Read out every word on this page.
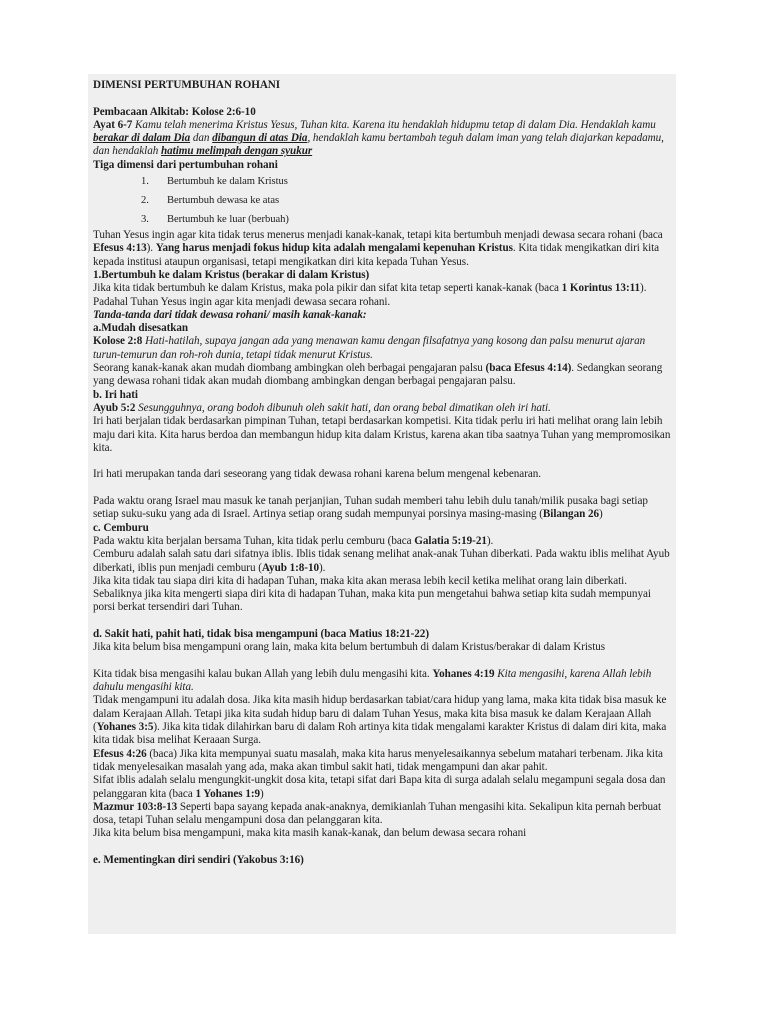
DIMENSI PERTUMBUHAN ROHANI

Pembacaan Alkitab: Kolose 2:6-10

Ayat 6-7 Kamu telah menerima Kristus Yesus, Tuhan kita. Karena itu hendaklah hidupmu tetap di dalam Dia. Hendaklah kamu berakar di dalam Dia dan dibangun di atas Dia, hendaklah kamu bertambah teguh dalam iman yang telah diajarkan kepadamu, dan hendaklah hatimu melimpah dengan syukur

Tiga dimensi dari pertumbuhan rohani

1.	Bertumbuh ke dalam Kristus
2.	Bertumbuh dewasa ke atas
3.	Bertumbuh ke luar (berbuah)

Tuhan Yesus ingin agar kita tidak terus menerus menjadi kanak-kanak, tetapi kita bertumbuh menjadi dewasa secara rohani (baca Efesus 4:13). Yang harus menjadi fokus hidup kita adalah mengalami kepenuhan Kristus. Kita tidak mengikatkan diri kita kepada institusi ataupun organisasi, tetapi mengikatkan diri kita kepada Tuhan Yesus.

1.Bertumbuh ke dalam Kristus (berakar di dalam Kristus)

Jika kita tidak bertumbuh ke dalam Kristus, maka pola pikir dan sifat kita tetap seperti kanak-kanak (baca 1 Korintus 13:11). Padahal Tuhan Yesus ingin agar kita menjadi dewasa secara rohani.

Tanda-tanda dari tidak dewasa rohani/ masih kanak-kanak:

a.Mudah disesatkan

Kolose 2:8 Hati-hatilah, supaya jangan ada yang menawan kamu dengan filsafatnya yang kosong dan palsu menurut ajaran turun-temurun dan roh-roh dunia, tetapi tidak menurut Kristus.

Seorang kanak-kanak akan mudah diombang ambingkan oleh berbagai pengajaran palsu (baca Efesus 4:14). Sedangkan seorang yang dewasa rohani tidak akan mudah diombang ambingkan dengan berbagai pengajaran palsu.

b. Iri hati

Ayub 5:2 Sesungguhnya, orang bodoh dibunuh oleh sakit hati, dan orang bebal dimatikan oleh iri hati.

Iri hati berjalan tidak berdasarkan pimpinan Tuhan, tetapi berdasarkan kompetisi. Kita tidak perlu iri hati melihat orang lain lebih maju dari kita. Kita harus berdoa dan membangun hidup kita dalam Kristus, karena akan tiba saatnya Tuhan yang mempromosikan kita.

Iri hati merupakan tanda dari seseorang yang tidak dewasa rohani karena belum mengenal kebenaran.

Pada waktu orang Israel mau masuk ke tanah perjanjian, Tuhan sudah memberi tahu lebih dulu tanah/milik pusaka bagi setiap setiap suku-suku yang ada di Israel. Artinya setiap orang sudah mempunyai porsinya masing-masing (Bilangan 26)

c. Cemburu

Pada waktu kita berjalan bersama Tuhan, kita tidak perlu cemburu (baca Galatia 5:19-21).

Cemburu adalah salah satu dari sifatnya iblis. Iblis tidak senang melihat anak-anak Tuhan diberkati. Pada waktu iblis melihat Ayub diberkati, iblis pun menjadi cemburu (Ayub 1:8-10).

Jika kita tidak tau siapa diri kita di hadapan Tuhan, maka kita akan merasa lebih kecil ketika melihat orang lain diberkati. Sebaliknya jika kita mengerti siapa diri kita di hadapan Tuhan, maka kita pun mengetahui bahwa setiap kita sudah mempunyai porsi berkat tersendiri dari Tuhan.

d. Sakit hati, pahit hati, tidak bisa mengampuni (baca Matius 18:21-22)

Jika kita belum bisa mengampuni orang lain, maka kita belum bertumbuh di dalam Kristus/berakar di dalam Kristus

Kita tidak bisa mengasihi kalau bukan Allah yang lebih dulu mengasihi kita. Yohanes 4:19 Kita mengasihi, karena Allah lebih dahulu mengasihi kita.

Tidak mengampuni itu adalah dosa. Jika kita masih hidup berdasarkan tabiat/cara hidup yang lama, maka kita tidak bisa masuk ke dalam Kerajaan Allah. Tetapi jika kita sudah hidup baru di dalam Tuhan Yesus, maka kita bisa masuk ke dalam Kerajaan Allah (Yohanes 3:5). Jika kita tidak dilahirkan baru di dalam Roh artinya kita tidak mengalami karakter Kristus di dalam diri kita, maka kita tidak bisa melihat Keraaan Surga.

Efesus 4:26 (baca) Jika kita mempunyai suatu masalah, maka kita harus menyelesaikannya sebelum matahari terbenam. Jika kita tidak menyelesaikan masalah yang ada, maka akan timbul sakit hati, tidak mengampuni dan akar pahit.

Sifat iblis adalah selalu mengungkit-ungkit dosa kita, tetapi sifat dari Bapa kita di surga adalah selalu megampuni segala dosa dan pelanggaran kita (baca 1 Yohanes 1:9)

Mazmur 103:8-13 Seperti bapa sayang kepada anak-anaknya, demikianlah Tuhan mengasihi kita. Sekalipun kita pernah berbuat dosa, tetapi Tuhan selalu mengampuni dosa dan pelanggaran kita.

Jika kita belum bisa mengampuni, maka kita masih kanak-kanak, dan belum dewasa secara rohani

e. Mementingkan diri sendiri (Yakobus 3:16)
